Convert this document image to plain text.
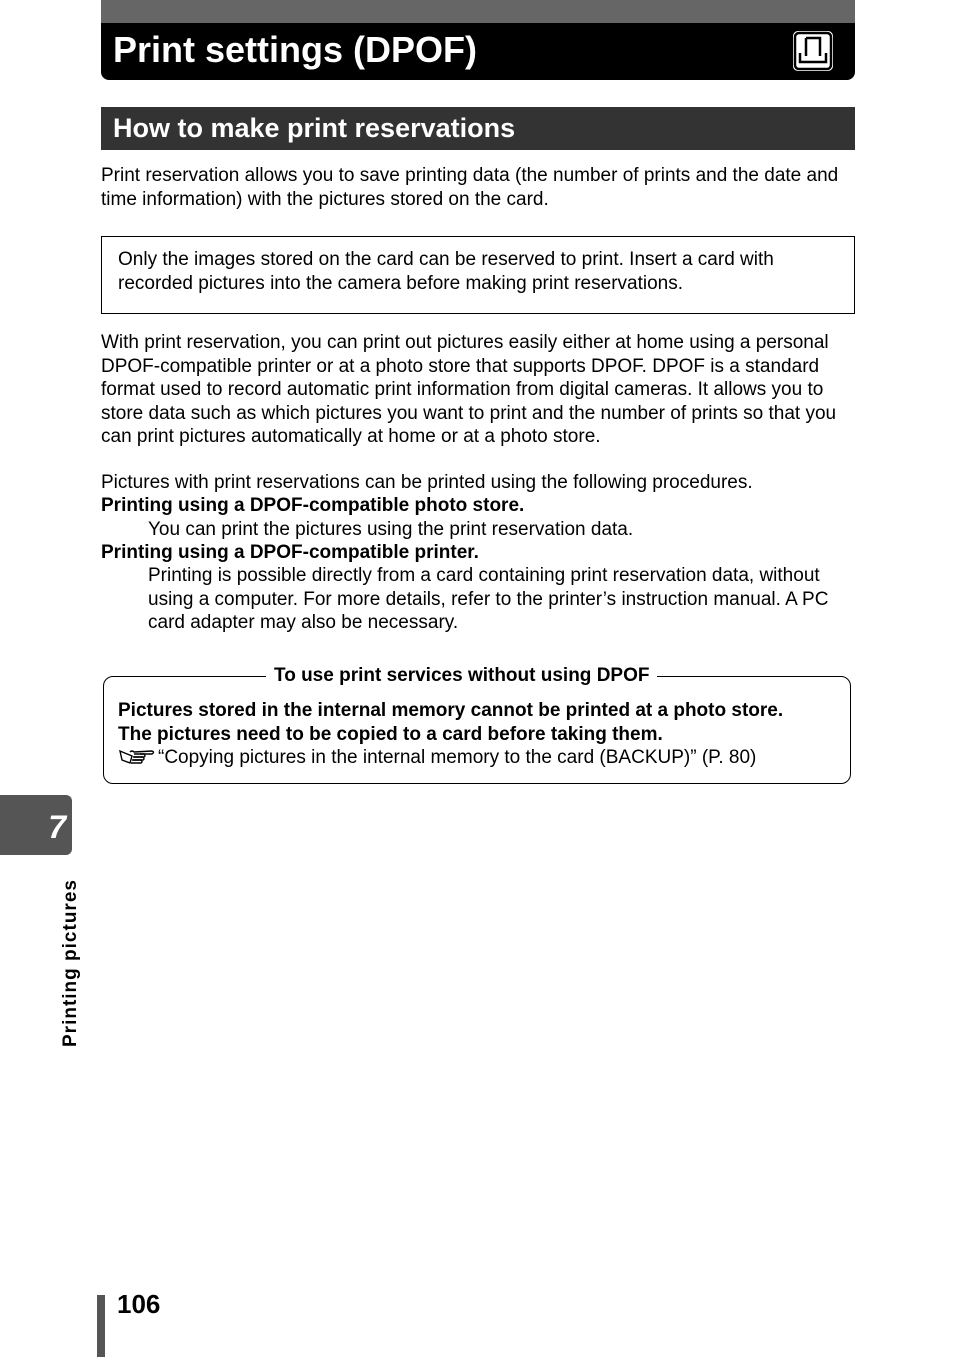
Print settings (DPOF)
How to make print reservations

Print reservation allows you to save printing data (the number of prints and the date and time information) with the pictures stored on the card.

Only the images stored on the card can be reserved to print. Insert a card with recorded pictures into the camera before making print reservations.

With print reservation, you can print out pictures easily either at home using a personal DPOF-compatible printer or at a photo store that supports DPOF. DPOF is a standard format used to record automatic print information from digital cameras. It allows you to store data such as which pictures you want to print and the number of prints so that you can print pictures automatically at home or at a photo store.

Pictures with print reservations can be printed using the following procedures.

Printing using a DPOF-compatible photo store.

You can print the pictures using the print reservation data.

Printing using a DPOF-compatible printer.

Printing is possible directly from a card containing print reservation data, without using a computer. For more details, refer to the printer’s instruction manual. A PC card adapter may also be necessary.

To use print services without using DPOF
Pictures stored in the internal memory cannot be printed at a photo store.
The pictures need to be copied to a card before taking them.
“Copying pictures in the internal memory to the card (BACKUP)” (P. 80)
7
Printing pictures
106
